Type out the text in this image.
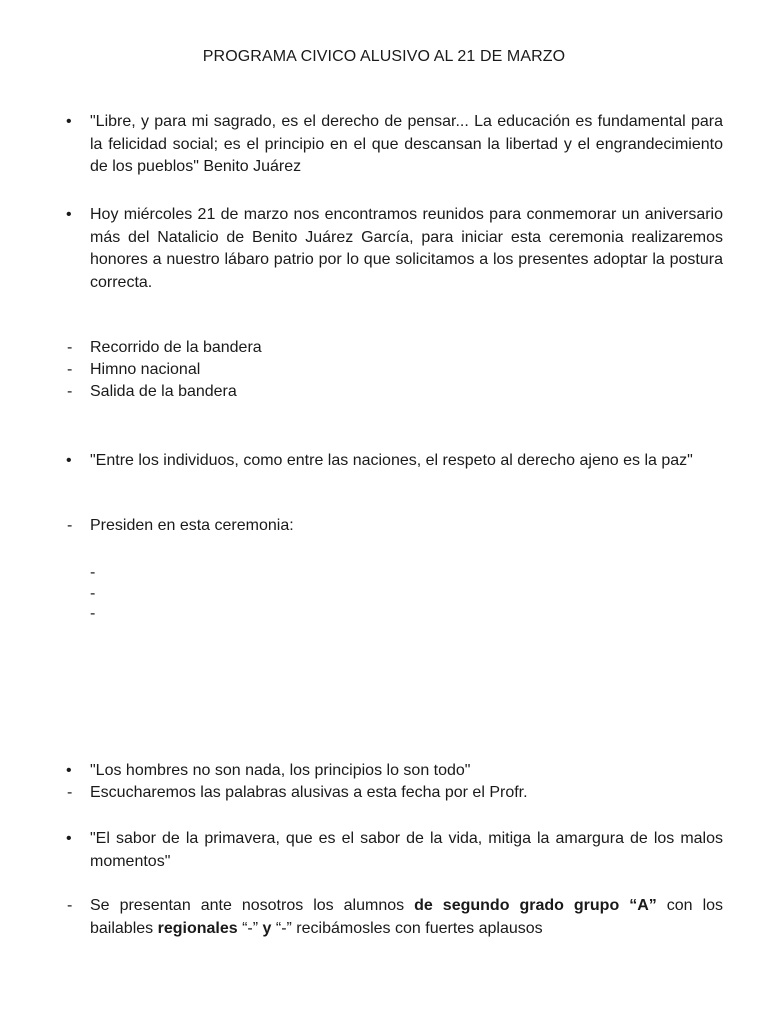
PROGRAMA CIVICO ALUSIVO AL 21 DE MARZO
• "Libre, y para mi sagrado, es el derecho de pensar... La educación es fundamental para la felicidad social; es el principio en el que descansan la libertad y el engrandecimiento de los pueblos" Benito Juárez
• Hoy miércoles 21 de marzo nos encontramos reunidos para conmemorar un aniversario más del Natalicio de Benito Juárez García, para iniciar esta ceremonia realizaremos honores a nuestro lábaro patrio por lo que solicitamos a los presentes adoptar la postura correcta.
- Recorrido de la bandera
- Himno nacional
- Salida de la bandera
• "Entre los individuos, como entre las naciones, el respeto al derecho ajeno es la paz"
- Presiden en esta ceremonia:
-
-
-
• "Los hombres no son nada, los principios lo son todo"
- Escucharemos las palabras alusivas a esta fecha por el Profr.
• "El sabor de la primavera, que es el sabor de la vida, mitiga la amargura de los malos momentos"
- Se presentan ante nosotros los alumnos de segundo grado grupo “A” con los bailables regionales “-” y “-” recibámosles con fuertes aplausos
